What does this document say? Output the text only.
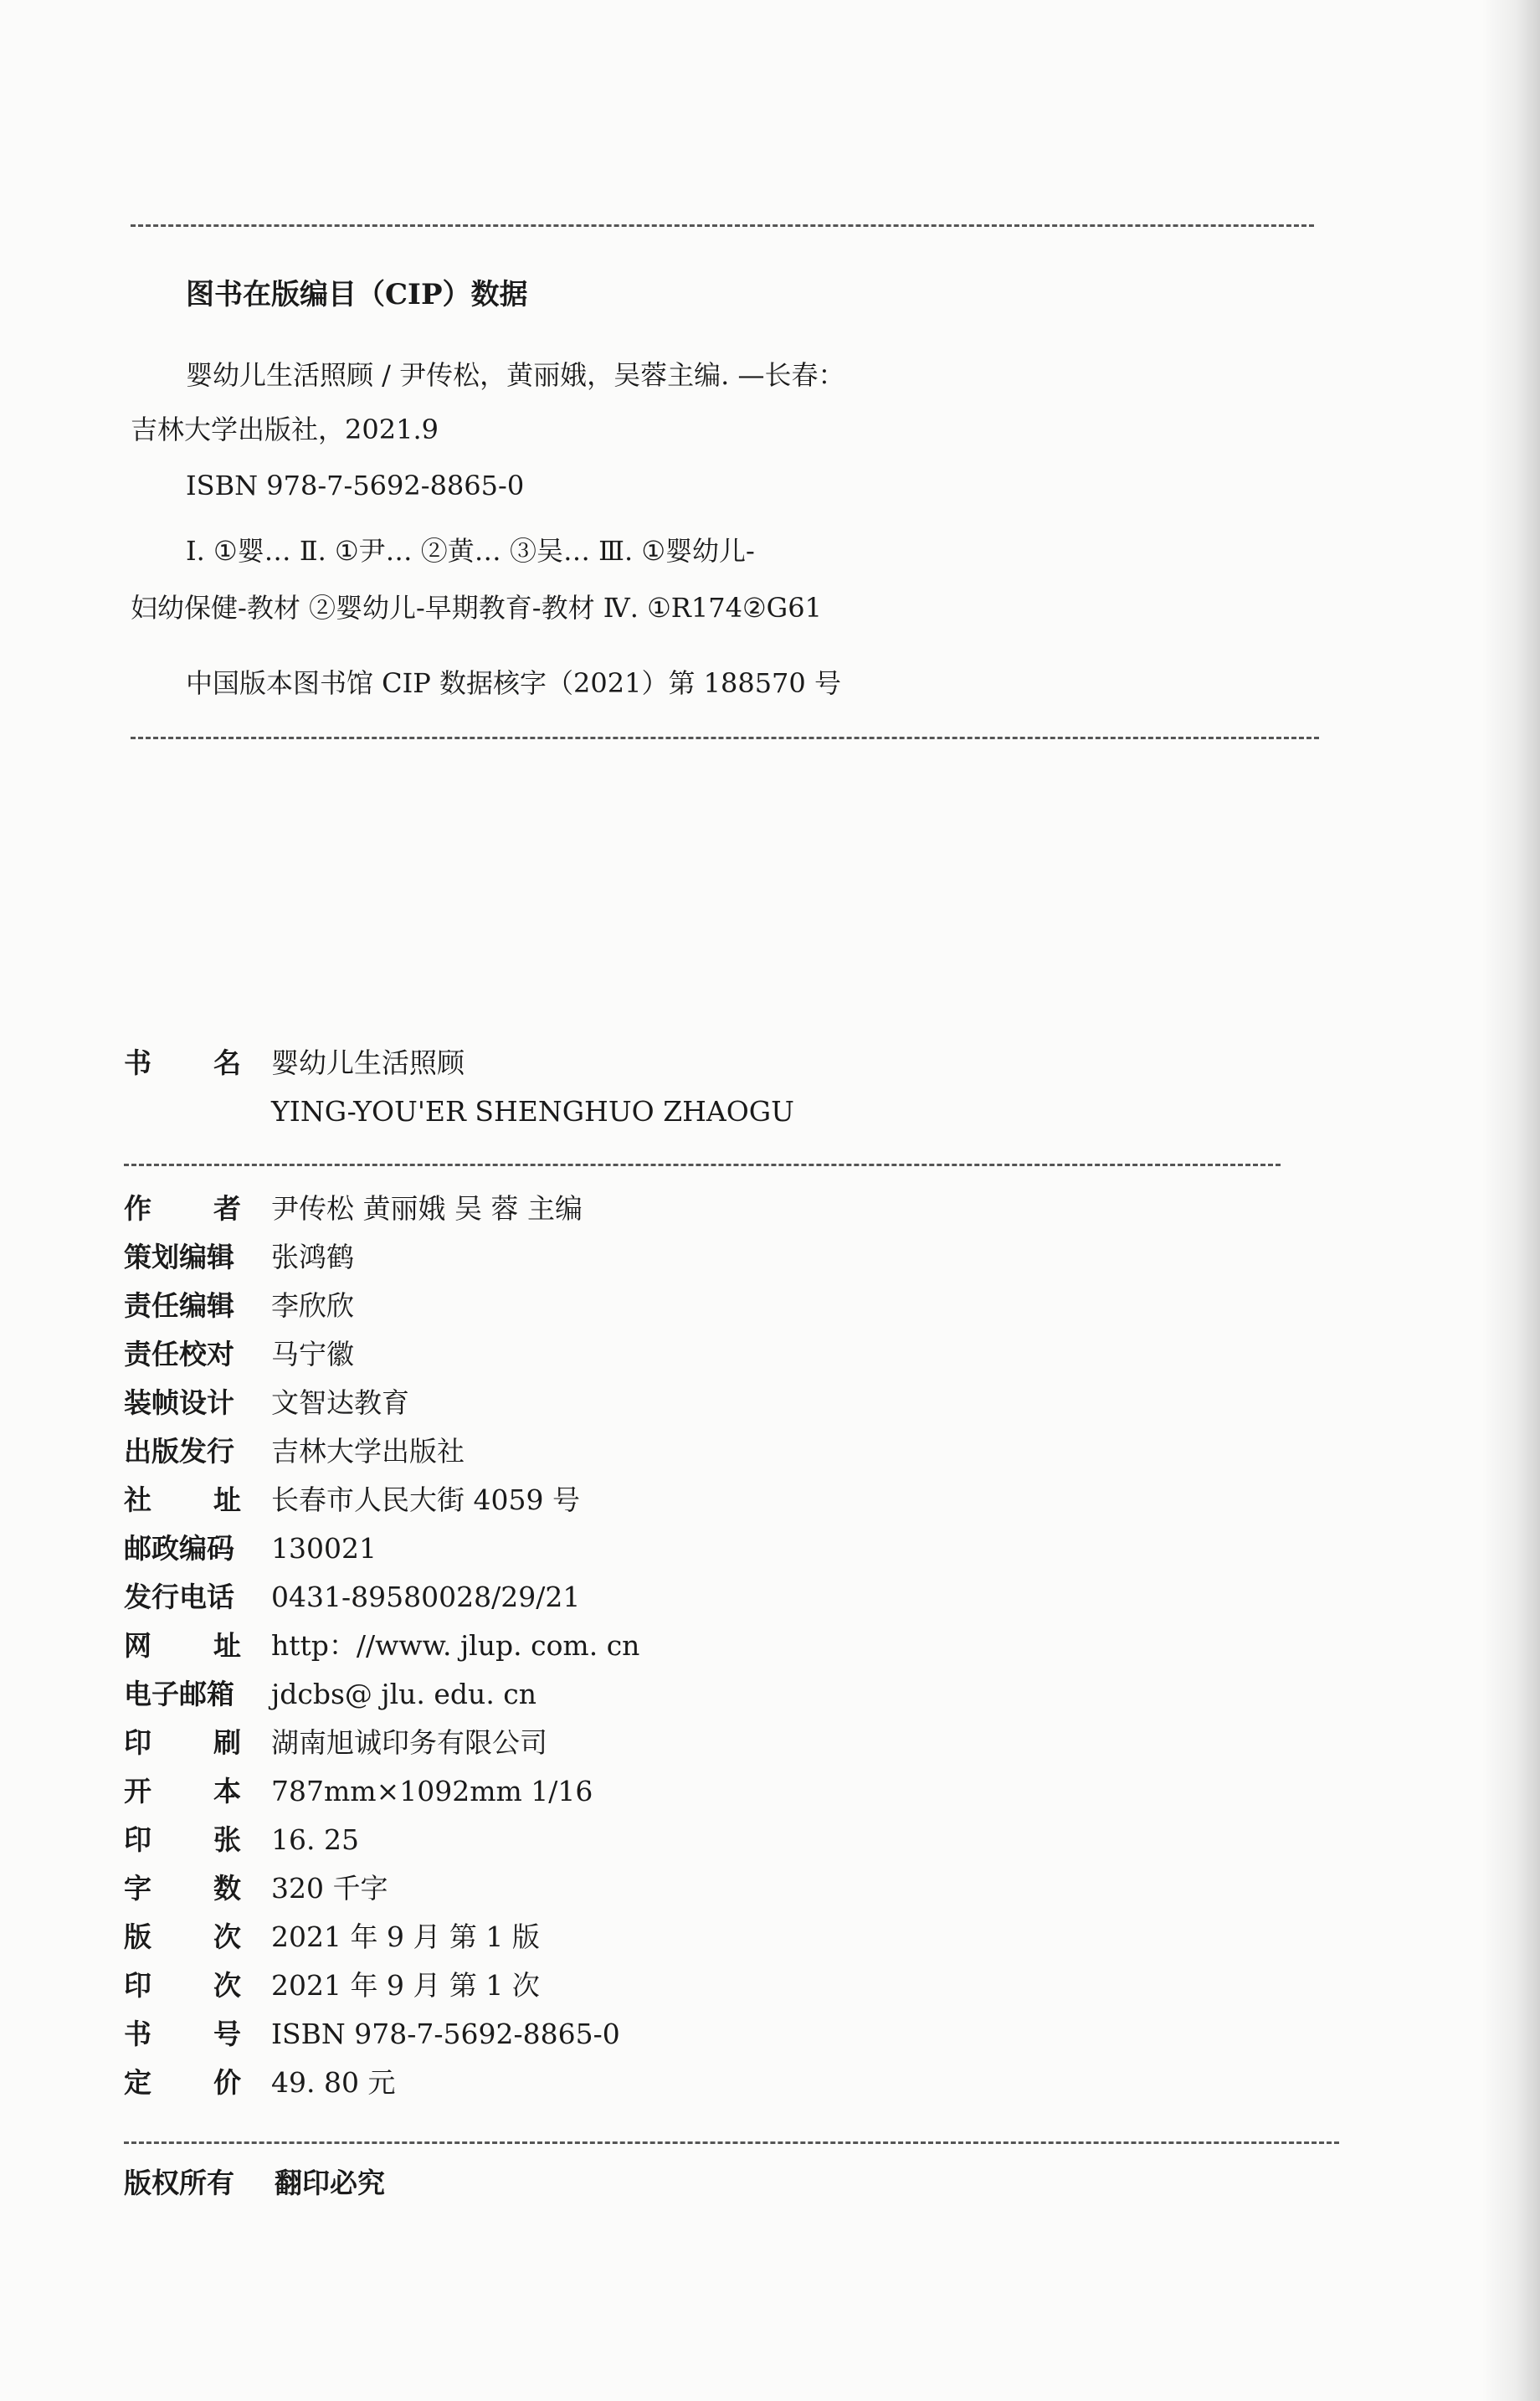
图书在版编目（CIP）数据
婴幼儿生活照顾 / 尹传松，黄丽娥，吴蓉主编. —长春：
吉林大学出版社，2021.9
ISBN 978-7-5692-8865-0
Ⅰ. ①婴… Ⅱ. ①尹… ②黄… ③吴… Ⅲ. ①婴幼儿-
妇幼保健-教材 ②婴幼儿-早期教育-教材 Ⅳ. ①R174②G61
中国版本图书馆 CIP 数据核字（2021）第 188570 号
书 名 婴幼儿生活照顾
YING-YOU'ER SHENGHUO ZHAOGU
作 者 尹传松 黄丽娥 吴 蓉 主编
策划编辑 张鸿鹤
责任编辑 李欣欣
责任校对 马宁徽
装帧设计 文智达教育
出版发行 吉林大学出版社
社 址 长春市人民大街 4059 号
邮政编码 130021
发行电话 0431-89580028/29/21
网 址 http：//www. jlup. com. cn
电子邮箱 jdcbs@ jlu. edu. cn
印 刷 湖南旭诚印务有限公司
开 本 787mm×1092mm 1/16
印 张 16. 25
字 数 320 千字
版 次 2021 年 9 月 第 1 版
印 次 2021 年 9 月 第 1 次
书 号 ISBN 978-7-5692-8865-0
定 价 49. 80 元
版权所有 翻印必究
